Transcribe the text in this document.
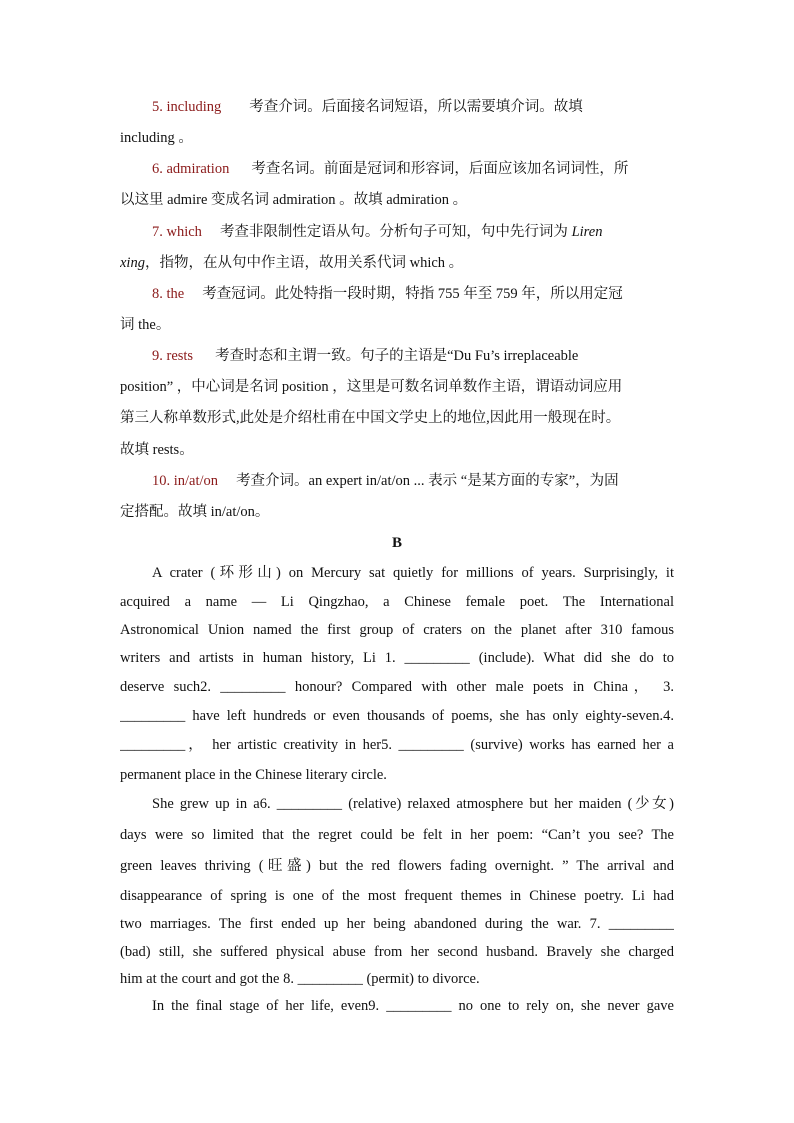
5. including 考查介词。后面接名词短语，所以需要填介词。故填
including 。
6. admiration 考查名词。前面是冠词和形容词，后面应该加名词词性，所
以这里 admire 变成名词 admiration 。故填 admiration 。
7. which 考查非限制性定语从句。分析句子可知，句中先行词为 Liren
xing，指物，在从句中作主语，故用关系代词 which 。
8. the 考查冠词。此处特指一段时期，特指 755 年至 759 年，所以用定冠
词 the。
9. rests 考查时态和主谓一致。句子的主语是“Du Fu’s irreplaceable
position” ，中心词是名词 position ，这里是可数名词单数作主语，谓语动词应用
第三人称单数形式,此处是介绍杜甫在中国文学史上的地位,因此用一般现在时。
故填 rests。
10. in/at/on 考查介词。an expert in/at/on ... 表示 “是某方面的专家”，为固
定搭配。故填 in/at/on。
B
A crater (环形山) on Mercury sat quietly for millions of years. Surprisingly, it
acquired a name — Li Qingzhao, a Chinese female poet. The International
Astronomical Union named the first group of craters on the planet after 310 famous
writers and artists in human history, Li 1. _________ (include). What did she do to
deserve such2. _________ honour? Compared with other male poets in China， 3.
_________ have left hundreds or even thousands of poems, she has only eighty-seven.4.
_________， her artistic creativity in her5. _________ (survive) works has earned her a
permanent place in the Chinese literary circle.
She grew up in a6. _________ (relative) relaxed atmosphere but her maiden (少女)
days were so limited that the regret could be felt in her poem: “Can’t you see? The
green leaves thriving (旺盛) but the red flowers fading overnight. ” The arrival and
disappearance of spring is one of the most frequent themes in Chinese poetry. Li had
two marriages. The first ended up her being abandoned during the war. 7. _________
(bad) still, she suffered physical abuse from her second husband. Bravely she charged
him at the court and got the 8. _________ (permit) to divorce.
In the final stage of her life, even9. _________ no one to rely on, she never gave
